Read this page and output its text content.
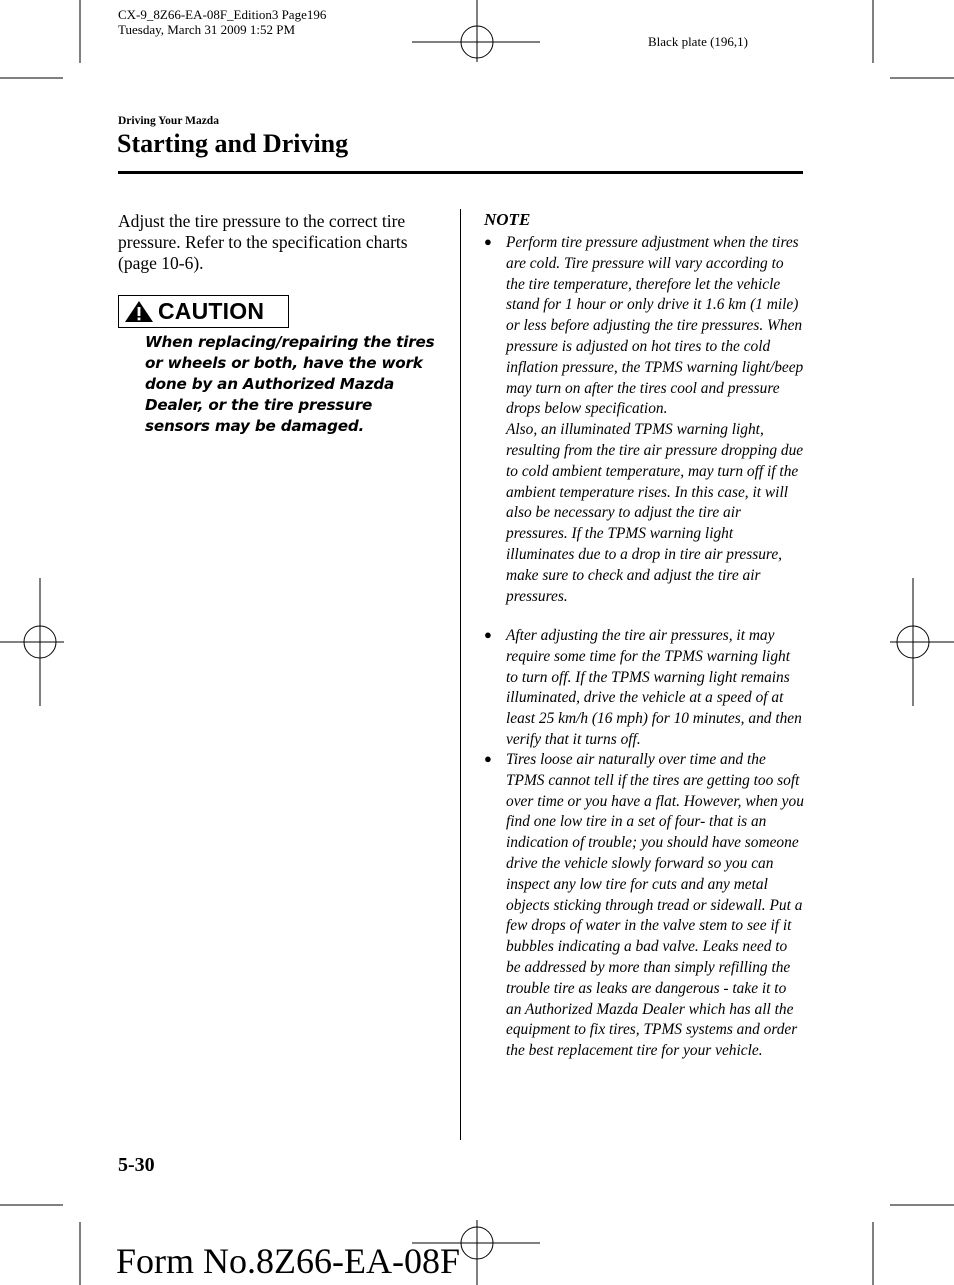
CX-9_8Z66-EA-08F_Edition3 Page196
Tuesday, March 31 2009 1:52 PM
Black plate (196,1)
Driving Your Mazda
Starting and Driving
Adjust the tire pressure to the correct tire pressure. Refer to the specification charts (page 10-6).
CAUTION
When replacing/repairing the tires or wheels or both, have the work done by an Authorized Mazda Dealer, or the tire pressure sensors may be damaged.
NOTE
● Perform tire pressure adjustment when the tires are cold. Tire pressure will vary according to the tire temperature, therefore let the vehicle stand for 1 hour or only drive it 1.6 km (1 mile) or less before adjusting the tire pressures. When pressure is adjusted on hot tires to the cold inflation pressure, the TPMS warning light/beep may turn on after the tires cool and pressure drops below specification.
Also, an illuminated TPMS warning light, resulting from the tire air pressure dropping due to cold ambient temperature, may turn off if the ambient temperature rises. In this case, it will also be necessary to adjust the tire air pressures. If the TPMS warning light illuminates due to a drop in tire air pressure, make sure to check and adjust the tire air pressures.
● After adjusting the tire air pressures, it may require some time for the TPMS warning light to turn off. If the TPMS warning light remains illuminated, drive the vehicle at a speed of at least 25 km/h (16 mph) for 10 minutes, and then verify that it turns off.
● Tires loose air naturally over time and the TPMS cannot tell if the tires are getting too soft over time or you have a flat. However, when you find one low tire in a set of four- that is an indication of trouble; you should have someone drive the vehicle slowly forward so you can inspect any low tire for cuts and any metal objects sticking through tread or sidewall. Put a few drops of water in the valve stem to see if it bubbles indicating a bad valve. Leaks need to be addressed by more than simply refilling the trouble tire as leaks are dangerous - take it to an Authorized Mazda Dealer which has all the equipment to fix tires, TPMS systems and order the best replacement tire for your vehicle.
5-30
Form No.8Z66-EA-08F
